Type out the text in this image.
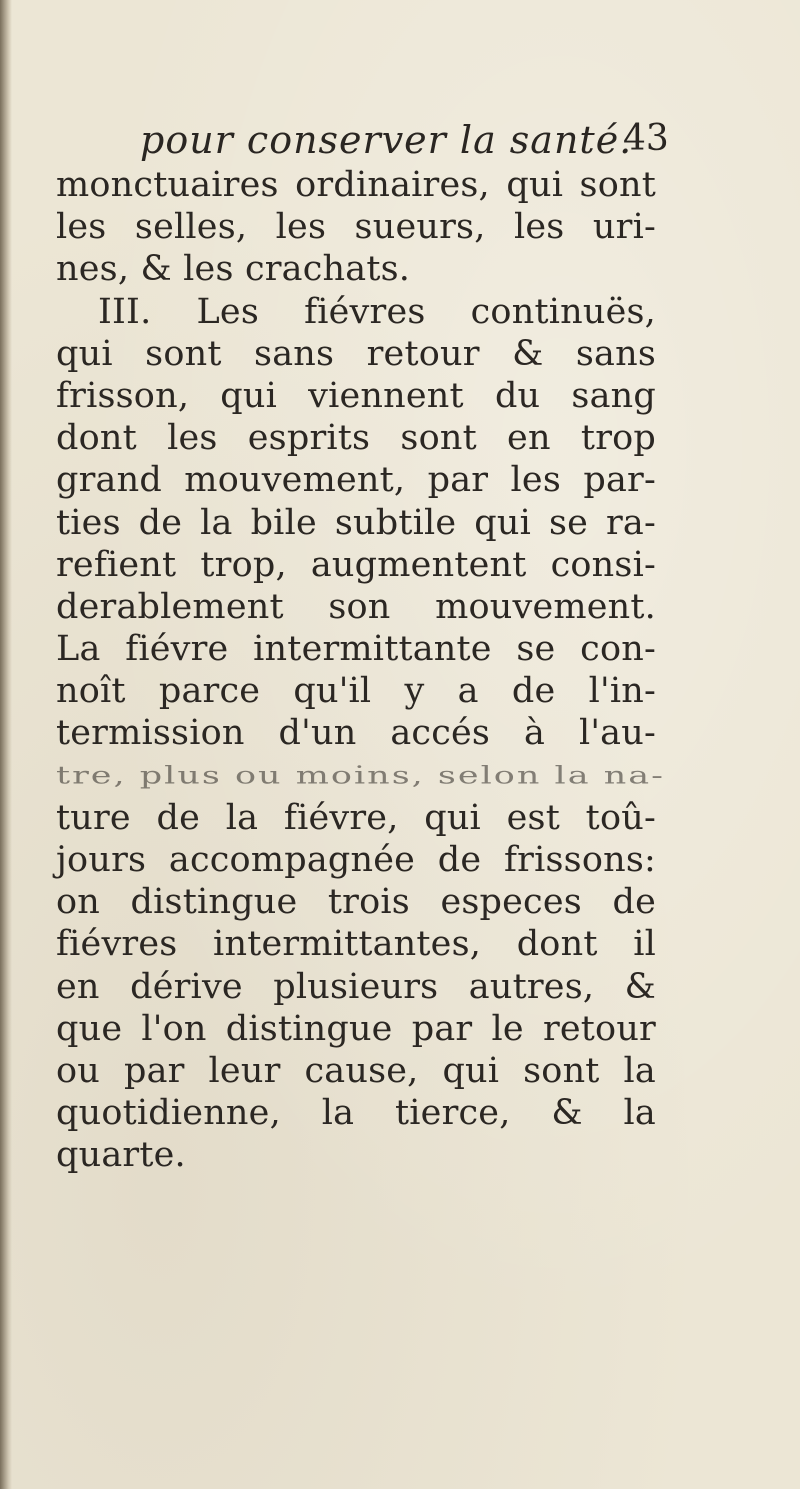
pour conserver la santé.
43
monctuaires ordinaires, qui sont
les selles, les sueurs, les uri-
nes, & les crachats.
III. Les fiévres continuës,
qui sont sans retour & sans
frisson, qui viennent du sang
dont les esprits sont en trop
grand mouvement, par les par-
ties de la bile subtile qui se ra-
refient trop, augmentent consi-
derablement son mouvement.
La fiévre intermittante se con-
noît parce qu'il y a de l'in-
termission d'un accés à l'au-
tre, plus ou moins, selon la na-
ture de la fiévre, qui est toû-
jours accompagnée de frissons:
on distingue trois especes de
fiévres intermittantes, dont il
en dérive plusieurs autres, &
que l'on distingue par le retour
ou par leur cause, qui sont la
quotidienne, la tierce, & la
quarte.
